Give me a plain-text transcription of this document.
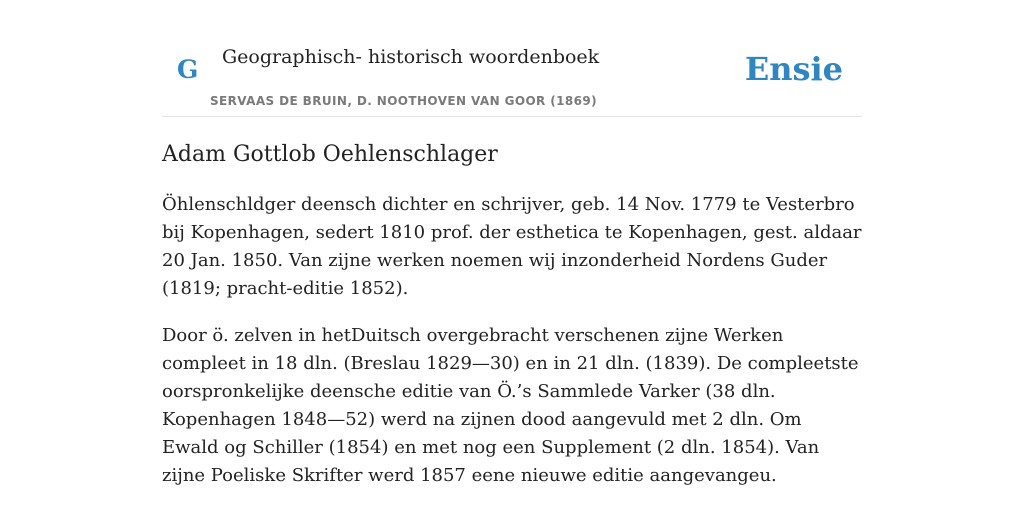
G Geographisch- historisch woordenboek
SERVAAS DE BRUIN, D. NOOTHOVEN VAN GOOR (1869)
Ensie
Adam Gottlob Oehlenschlager

Öhlenschldger deensch dichter en schrijver, geb. 14 Nov. 1779 te Vesterbro bij Kopenhagen, sedert 1810 prof. der esthetica te Kopenhagen, gest. aldaar 20 Jan. 1850. Van zijne werken noemen wij inzonderheid Nordens Guder (1819; pracht-editie 1852).

Door ö. zelven in hetDuitsch overgebracht verschenen zijne Werken compleet in 18 dln. (Breslau 1829—30) en in 21 dln. (1839). De compleetste oorspronkelijke deensche editie van Ö.’s Sammlede Varker (38 dln. Kopenhagen 1848—52) werd na zijnen dood aangevuld met 2 dln. Om Ewald og Schiller (1854) en met nog een Supplement (2 dln. 1854). Van zijne Poeliske Skrifter werd 1857 eene nieuwe editie aangevangeu.
